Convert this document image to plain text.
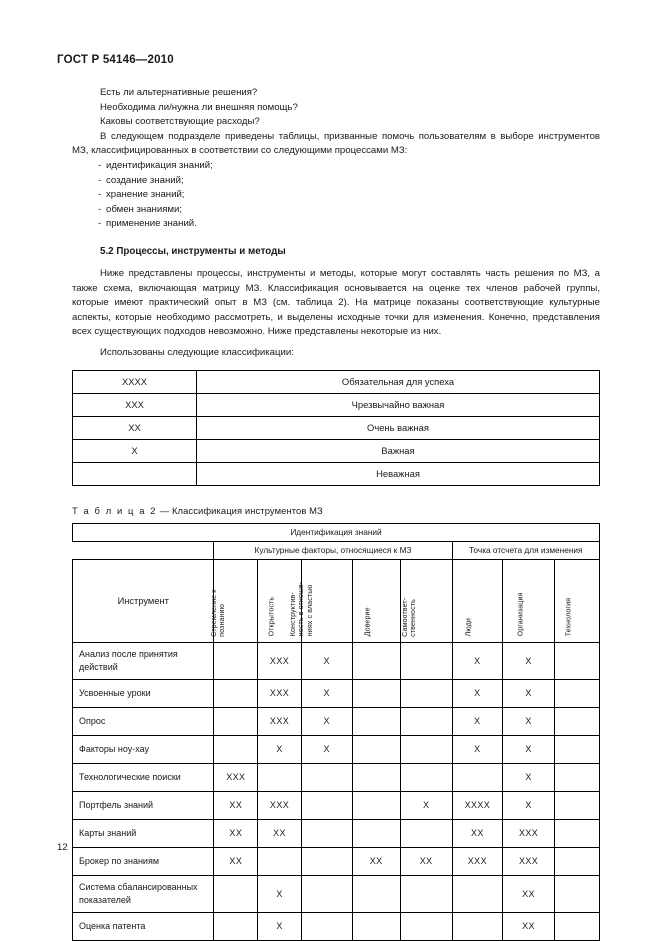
ГОСТ Р 54146—2010

Есть ли альтернативные решения?

Необходима ли/нужна ли внешняя помощь?

Каковы соответствующие расходы?

В следующем подразделе приведены таблицы, призванные помочь пользователям в выборе инструментов МЗ, классифицированных в соответствии со следующими процессами МЗ:

- идентификация знаний;
- создание знаний;
- хранение знаний;
- обмен знаниями;
- применение знаний.
5.2 Процессы, инструменты и методы

Ниже представлены процессы, инструменты и методы, которые могут составлять часть решения по МЗ, а также схема, включающая матрицу МЗ. Классификация основывается на оценке тех членов рабочей группы, которые имеют практический опыт в МЗ (см. таблица 2). На матрице показаны соответствующие культурные аспекты, которые необходимо рассмотреть, и выделены исходные точки для изменения. Конечно, представления всех существующих подходов невозможно. Ниже представлены некоторые из них.

Использованы следующие классификации:

XXXX	Обязательная для успеха
XXX	Чрезвычайно важная
XX	Очень важная
X	Важная
	Неважная
Т а б л и ц а 2 — Классификация инструментов МЗ
Идентификация знаний								
	Культурные факторы, относящиеся к МЗ					Точка отсчета для изменения		
Инструмент	Стремление к познанию	Открытость	Конструктив- ность в отноше- ниях с властью	Доверие	Самоответ- ственность	Люди	Организация	Технология

Анализ после принятия действий		XXX	X			X	X	
Усвоенные уроки		XXX	X			X	X	
Опрос		XXX	X			X	X	
Факторы ноу-хау		X	X			X	X	
Технологические поиски	XXX						X	
Портфель знаний	XX	XXX			X	XXXX	X	
Карты знаний	XX	XX				XX	XXX	
Брокер по знаниям	XX			XX	XX	XXX	XXX	
Система сбалансированных показателей		X					XX	
Оценка патента		X					XX	
12
